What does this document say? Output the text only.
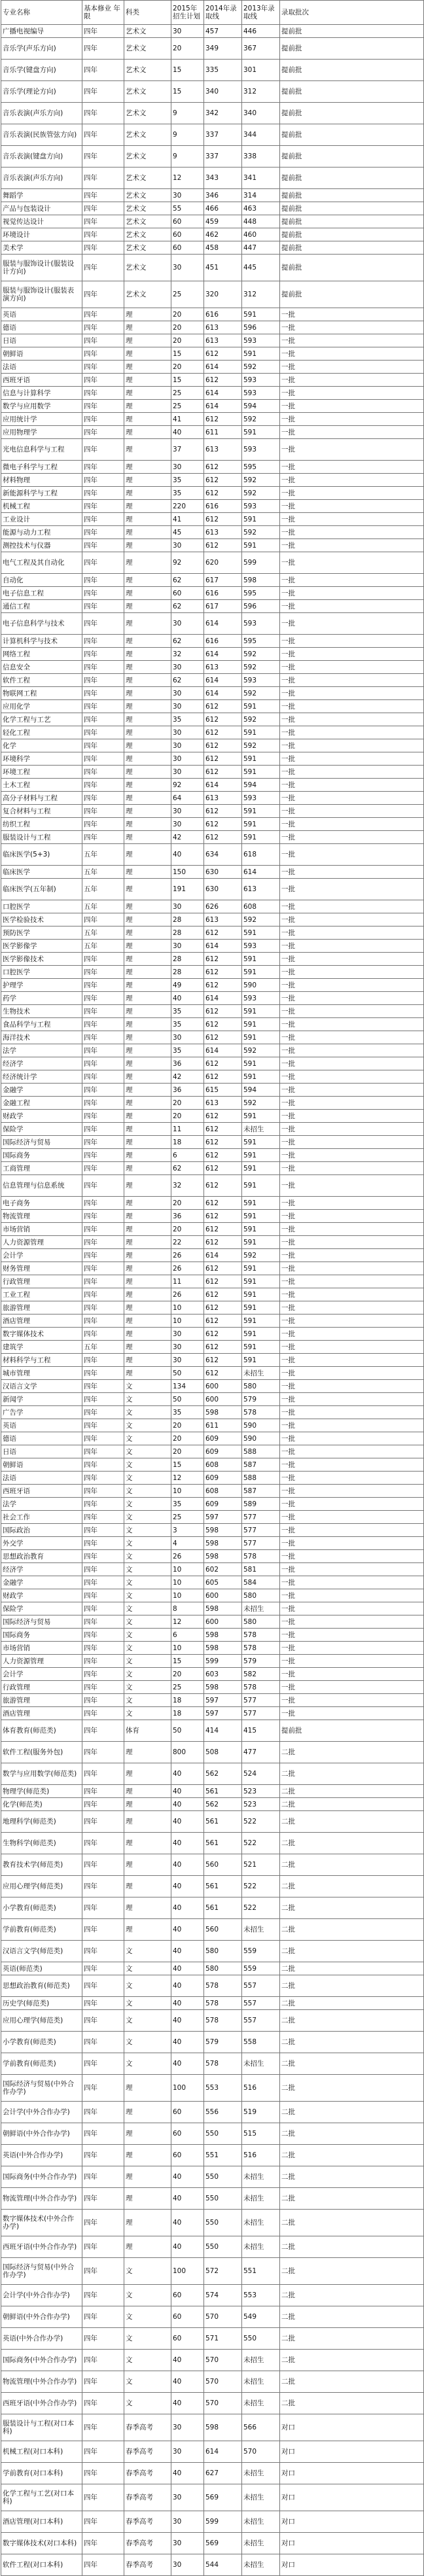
专业名称	基本修业 年限	科类	2015年招生计划	2014年录取线	2013年录取线	录取批次
广播电视编导	四年	艺术文	30	457	446	提前批
音乐学(声乐方向)	四年	艺术文	20	349	367	提前批
音乐学(键盘方向)	四年	艺术文	15	335	301	提前批
音乐学(理论方向)	四年	艺术文	15	340	312	提前批
音乐表演(声乐方向)	四年	艺术文	9	342	340	提前批
音乐表演(民族管弦方向)	四年	艺术文	9	337	344	提前批
音乐表演(键盘方向)	四年	艺术文	9	337	338	提前批
音乐表演(声乐方向)	四年	艺术文	12	343	341	提前批
舞蹈学	四年	艺术文	30	346	314	提前批
产品与包装设计	四年	艺术文	55	466	463	提前批
视觉传达设计	四年	艺术文	60	459	448	提前批
环境设计	四年	艺术文	60	462	460	提前批
美术学	四年	艺术文	60	458	447	提前批
服装与服饰设计(服装设计方向)	四年	艺术文	30	451	445	提前批
服装与服饰设计(服装表演方向)	四年	艺术文	25	320	312	提前批
英语	四年	理	20	616	591	一批
德语	四年	理	20	613	596	一批
日语	四年	理	20	613	593	一批
朝鲜语	四年	理	15	612	591	一批
法语	四年	理	20	614	592	一批
西班牙语	四年	理	15	612	593	一批
信息与计算科学	四年	理	25	614	593	一批
数学与应用数学	四年	理	25	614	594	一批
应用统计学	四年	理	41	612	592	一批
应用物理学	四年	理	40	611	591	一批
光电信息科学与工程	四年	理	37	613	593	一批
微电子科学与工程	四年	理	30	612	595	一批
材料物理	四年	理	35	612	592	一批
新能源科学与工程	四年	理	35	612	592	一批
机械工程	四年	理	220	616	593	一批
工业设计	四年	理	41	612	591	一批
能源与动力工程	四年	理	45	613	592	一批
测控技术与仪器	四年	理	30	612	591	一批
电气工程及其自动化	四年	理	92	620	599	一批
自动化	四年	理	62	617	598	一批
电子信息工程	四年	理	60	616	595	一批
通信工程	四年	理	62	617	596	一批
电子信息科学与技术	四年	理	30	614	593	一批
计算机科学与技术	四年	理	62	616	595	一批
网络工程	四年	理	32	614	592	一批
信息安全	四年	理	30	613	592	一批
软件工程	四年	理	62	614	593	一批
物联网工程	四年	理	30	614	592	一批
应用化学	四年	理	30	612	591	一批
化学工程与工艺	四年	理	35	612	592	一批
轻化工程	四年	理	30	612	591	一批
化学	四年	理	30	612	592	一批
环境科学	四年	理	30	612	591	一批
环境工程	四年	理	30	612	591	一批
土木工程	四年	理	92	614	594	一批
高分子材料与工程	四年	理	64	613	593	一批
复合材料与工程	四年	理	30	612	591	一批
纺织工程	四年	理	30	612	591	一批
服装设计与工程	四年	理	42	612	591	一批
临床医学(5+3)	五年	理	40	634	618	一批
临床医学	五年	理	150	630	614	一批
临床医学(五年制)	五年	理	191	630	613	一批
口腔医学	五年	理	30	626	608	一批
医学检验技术	四年	理	28	613	592	一批
预防医学	五年	理	28	612	591	一批
医学影像学	五年	理	30	614	593	一批
医学影像技术	四年	理	28	612	591	一批
口腔医学	四年	理	28	612	591	一批
护理学	四年	理	49	612	590	一批
药学	四年	理	40	614	593	一批
生物技术	四年	理	35	612	591	一批
食品科学与工程	四年	理	35	612	591	一批
海洋技术	四年	理	30	612	591	一批
法学	四年	理	35	614	592	一批
经济学	四年	理	36	612	591	一批
经济统计学	四年	理	42	612	591	一批
金融学	四年	理	36	615	594	一批
金融工程	四年	理	20	613	592	一批
财政学	四年	理	20	612	591	一批
保险学	四年	理	11	612	未招生	一批
国际经济与贸易	四年	理	18	612	591	一批
国际商务	四年	理	6	612	591	一批
工商管理	四年	理	62	612	591	一批
信息管理与信息系统	四年	理	32	612	591	一批
电子商务	四年	理	20	612	591	一批
物流管理	四年	理	36	612	591	一批
市场营销	四年	理	20	612	591	一批
人力资源管理	四年	理	22	612	591	一批
会计学	四年	理	26	614	592	一批
财务管理	四年	理	26	612	591	一批
行政管理	四年	理	11	612	591	一批
工业工程	四年	理	26	612	591	一批
旅游管理	四年	理	10	612	591	一批
酒店管理	四年	理	10	612	591	一批
数字媒体技术	四年	理	30	612	591	一批
建筑学	五年	理	30	612	591	一批
材料科学与工程	四年	理	30	612	591	一批
城市管理	四年	理	50	612	未招生	一批
汉语言文学	四年	文	134	600	580	一批
新闻学	四年	文	50	600	579	一批
广告学	四年	文	35	598	578	一批
英语	四年	文	20	611	590	一批
德语	四年	文	20	609	590	一批
日语	四年	文	20	609	588	一批
朝鲜语	四年	文	15	608	587	一批
法语	四年	文	12	609	588	一批
西班牙语	四年	文	10	608	587	一批
法学	四年	文	35	609	589	一批
社会工作	四年	文	25	597	577	一批
国际政治	四年	文	3	598	577	一批
外交学	四年	文	4	598	577	一批
思想政治教育	四年	文	26	598	578	一批
经济学	四年	文	10	602	581	一批
金融学	四年	文	10	605	584	一批
财政学	四年	文	10	600	580	一批
保险学	四年	文	8	598	未招生	一批
国际经济与贸易	四年	文	12	600	580	一批
国际商务	四年	文	6	598	578	一批
市场营销	四年	文	10	598	578	一批
人力资源管理	四年	文	15	599	579	一批
会计学	四年	文	20	603	582	一批
行政管理	四年	文	25	598	578	一批
旅游管理	四年	文	18	597	577	一批
酒店管理	四年	文	18	597	577	一批
体育教育(师范类)	四年	体育	50	414	415	提前批
软件工程(服务外包)	四年	理	800	508	477	二批
数学与应用数学(师范类)	四年	理	40	562	524	二批
物理学(师范类)	四年	理	40	561	523	二批
化学(师范类)	四年	理	40	562	523	二批
地理科学(师范类)	四年	理	40	561	522	二批
生物科学(师范类)	四年	理	40	561	522	二批
教育技术学(师范类)	四年	理	40	560	521	二批
应用心理学(师范类)	四年	理	40	561	522	二批
小学教育(师范类)	四年	理	40	561	522	二批
学前教育(师范类)	四年	理	40	560	未招生	二批
汉语言文学(师范类)	四年	文	40	580	559	二批
英语(师范类)	四年	文	40	580	559	二批
思想政治教育(师范类)	四年	文	40	578	557	二批
历史学(师范类)	四年	文	40	578	557	二批
应用心理学(师范类)	四年	文	40	578	557	二批
小学教育(师范类)	四年	文	40	579	558	二批
学前教育(师范类)	四年	文	40	578	未招生	二批
国际经济与贸易(中外合作办学)	四年	理	100	553	516	二批
会计学(中外合作办学)	四年	理	60	556	519	二批
朝鲜语(中外合作办学)	四年	理	60	550	515	二批
英语(中外合作办学)	四年	理	60	551	516	二批
国际商务(中外合作办学)	四年	理	40	550	未招生	二批
物流管理(中外合作办学)	四年	理	40	550	未招生	二批
数字媒体技术(中外合作办学)	四年	理	40	550	未招生	二批
西班牙语(中外合作办学)	四年	理	40	550	未招生	二批
国际经济与贸易(中外合作办学)	四年	文	100	572	551	二批
会计学(中外合作办学)	四年	文	60	574	553	二批
朝鲜语(中外合作办学)	四年	文	60	570	549	二批
英语(中外合作办学)	四年	文	60	571	550	二批
国际商务(中外合作办学)	四年	文	40	570	未招生	二批
物流管理(中外合作办学)	四年	文	40	570	未招生	二批
西班牙语(中外合作办学)	四年	文	40	570	未招生	二批
服装设计与工程(对口本科)	四年	春季高考	30	598	566	对口
机械工程(对口本科)	四年	春季高考	30	614	570	对口
学前教育(对口本科)	四年	春季高考	40	627	未招生	对口
化学工程与工艺(对口本科)	四年	春季高考	30	569	未招生	对口
酒店管理(对口本科)	四年	春季高考	30	599	未招生	对口
数字媒体技术(对口本科)	四年	春季高考	30	569	未招生	对口
软件工程(对口本科)	四年	春季高考	30	544	未招生	对口
